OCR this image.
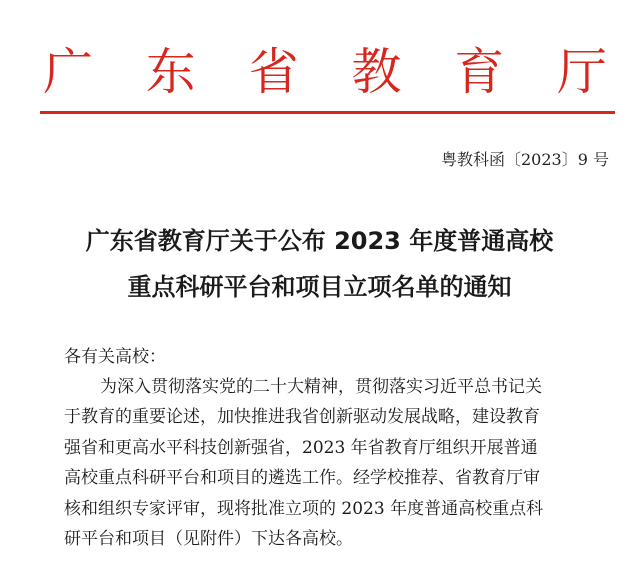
广 东 省 教 育 厅
粤教科函〔2023〕9 号
广东省教育厅关于公布 2023 年度普通高校
重点科研平台和项目立项名单的通知
各有关高校：
为深入贯彻落实党的二十大精神，贯彻落实习近平总书记关
于教育的重要论述，加快推进我省创新驱动发展战略，建设教育
强省和更高水平科技创新强省，2023 年省教育厅组织开展普通
高校重点科研平台和项目的遴选工作。经学校推荐、省教育厅审
核和组织专家评审，现将批准立项的 2023 年度普通高校重点科
研平台和项目（见附件）下达各高校。
